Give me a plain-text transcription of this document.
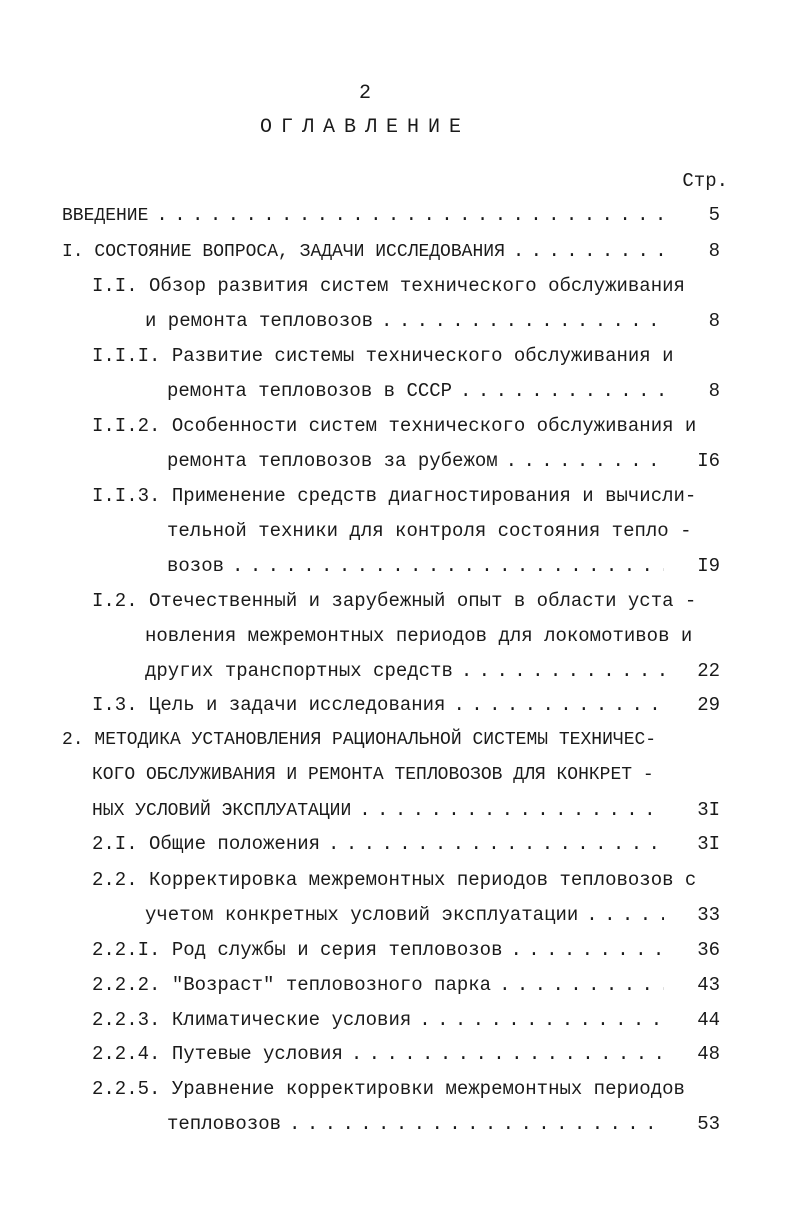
2
ОГЛАВЛЕНИЕ
Стр.
ВВЕДЕНИЕ . . .	5
I. СОСТОЯНИЕ ВОПРОСА, ЗАДАЧИ ИССЛЕДОВАНИЯ . . .	8
I.I. Обзор развития систем технического обслуживания
и ремонта тепловозов . . .	8
I.I.I. Развитие системы технического обслуживания и
ремонта тепловозов в СССР . . .	8
I.I.2. Особенности систем технического обслуживания и
ремонта тепловозов за рубежом . . .	I6
I.I.3. Применение средств диагностирования и вычисли-
тельной техники для контроля состояния тепло -
возов . . .	I9
I.2. Отечественный и зарубежный опыт в области уста -
новления межремонтных периодов для локомотивов и
других транспортных средств . . .	22
I.3. Цель и задачи исследования . . .	29
2. МЕТОДИКА УСТАНОВЛЕНИЯ РАЦИОНАЛЬНОЙ СИСТЕМЫ ТЕХНИЧЕС-
КОГО ОБСЛУЖИВАНИЯ И РЕМОНТА ТЕПЛОВОЗОВ ДЛЯ КОНКРЕТ -
НЫХ УСЛОВИЙ ЭКСПЛУАТАЦИИ . . .	3I
2.I. Общие положения . . .	3I
2.2. Корректировка межремонтных периодов тепловозов с
учетом конкретных условий эксплуатации . . .	33
2.2.I. Род службы и серия тепловозов . . .	36
2.2.2. "Возраст" тепловозного парка . . .	43
2.2.3. Климатические условия . . .	44
2.2.4. Путевые условия . . .	48
2.2.5. Уравнение корректировки межремонтных периодов
тепловозов . . .	53
